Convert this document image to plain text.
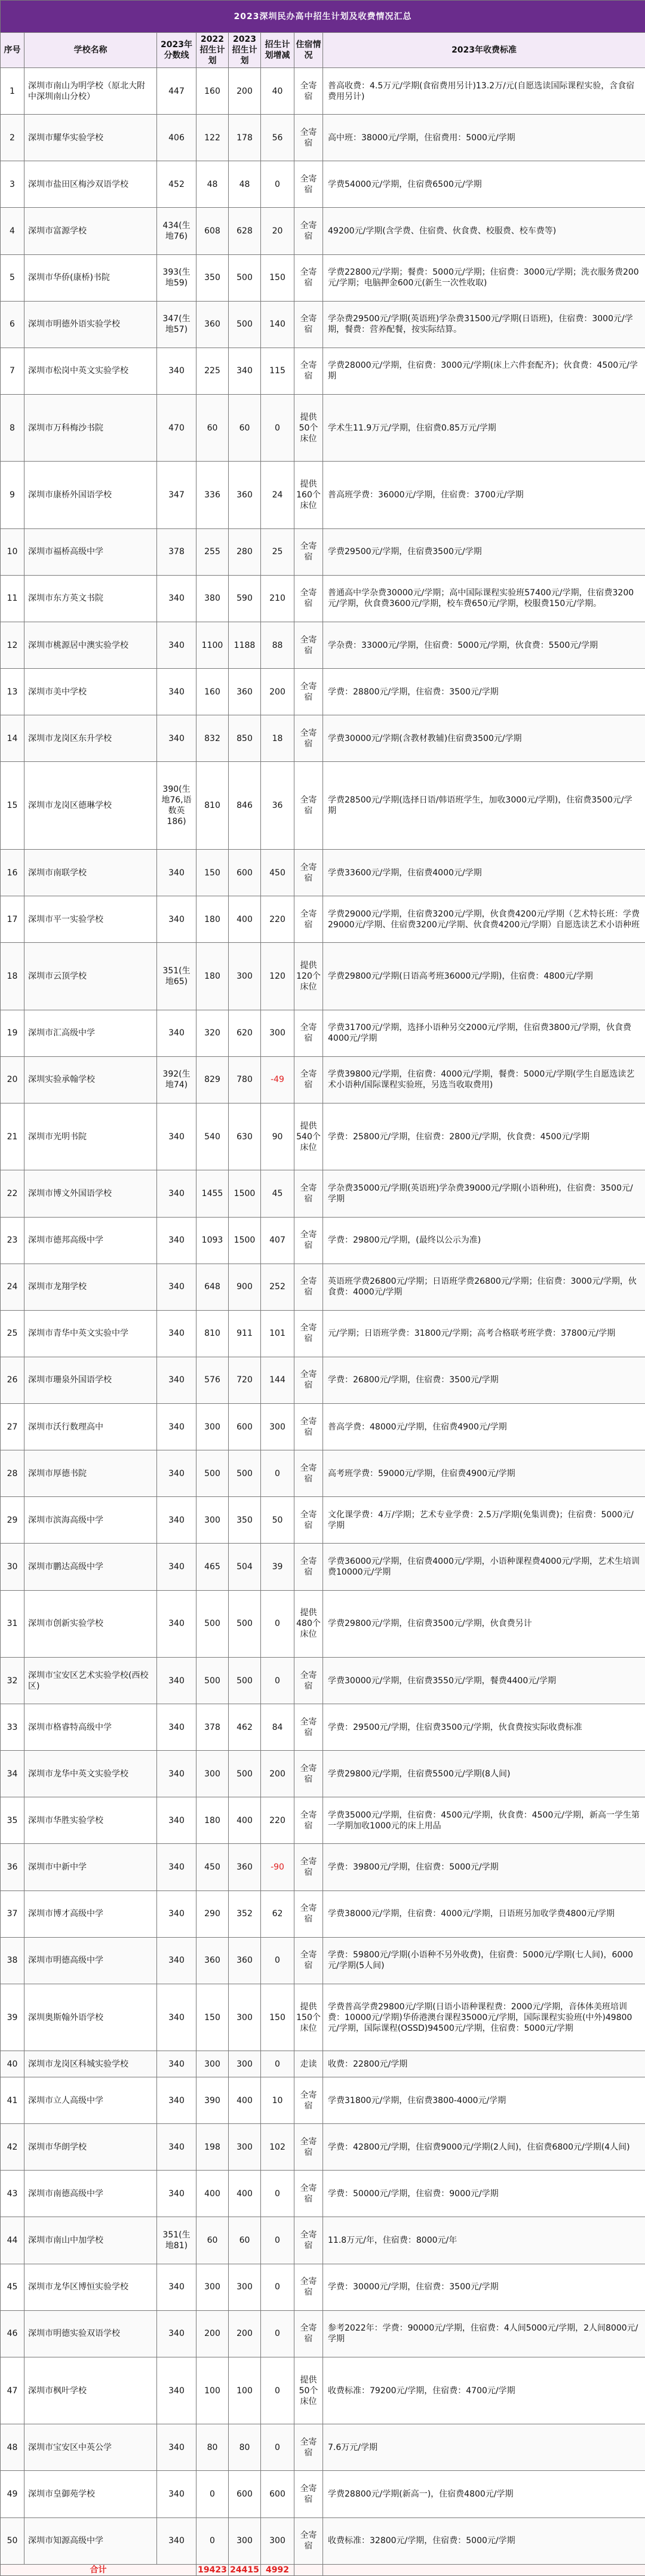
2023深圳民办高中招生计划及收费情况汇总							
序号	学校名称	2023年分数线	2022招生计划	2023招生计划	招生计划增减	住宿情况	2023年收费标准
1	深圳市南山为明学校（原北大附中深圳南山分校）	447	160	200	40	全寄宿	普高收费：4.5万元/学期(食宿费用另计)13.2万/元(自愿选读国际课程实验，含食宿费用另计)
2	深圳市耀华实验学校	406	122	178	56	全寄宿	高中班：38000元/学期，住宿费用：5000元/学期
3	深圳市盐田区梅沙双语学校	452	48	48	0	全寄宿	学费54000元/学期，住宿费6500元/学期
4	深圳市富源学校	434(生地76)	608	628	20	全寄宿	49200元/学期(含学费、住宿费、伙食费、校服费、校车费等)
5	深圳市华侨(康桥)书院	393(生地59)	350	500	150	全寄宿	学费22800元/学期；餐费：5000元/学期；住宿费：3000元/学期；洗衣服务费200元/学期；电脑押金600元(新生一次性收取)
6	深圳市明德外语实验学校	347(生地57)	360	500	140	全寄宿	学杂费29500元/学期(英语班)学杂费31500元/学期(日语班)，住宿费：3000元/学期，餐费：营养配餐，按实际结算。
7	深圳市松岗中英文实验学校	340	225	340	115	全寄宿	学费28000元/学期，住宿费：3000元/学期(床上六件套配齐)；伙食费：4500元/学期
8	深圳市万科梅沙书院	470	60	60	0	提供50个床位	学术生11.9万元/学期，住宿费0.85万元/学期
9	深圳市康桥外国语学校	347	336	360	24	提供160个床位	普高班学费：36000元/学期，住宿费：3700元/学期
10	深圳市福桥高级中学	378	255	280	25	全寄宿	学费29500元/学期，住宿费3500元/学期
11	深圳市东方英文书院	340	380	590	210	全寄宿	普通高中学杂费30000元/学期；高中国际课程实验班57400元/学期，住宿费3200元/学期，伙食费3600元/学期，校车费650元/学期，校服费150元/学期。
12	深圳市桃源居中澳实验学校	340	1100	1188	88	全寄宿	学杂费：33000元/学期，住宿费：5000元/学期，伙食费：5500元/学期
13	深圳市美中学校	340	160	360	200	全寄宿	学费：28800元/学期，住宿费：3500元/学期
14	深圳市龙岗区东升学校	340	832	850	18	全寄宿	学费30000元/学期(含教材教辅)住宿费3500元/学期
15	深圳市龙岗区德琳学校	390(生地76,语数英186)	810	846	36	全寄宿	学费28500元/学期(选择日语/韩语班学生，加收3000元/学期)，住宿费3500元/学期
16	深圳市南联学校	340	150	600	450	全寄宿	学费33600元/学期，住宿费4000元/学期
17	深圳市平一实验学校	340	180	400	220	全寄宿	学费29000元/学期，住宿费3200元/学期，伙食费4200元/学期（艺术特长班：学费29000元/学期、住宿费3200元/学期、伙食费4200元/学期）自愿选读艺术小语种班
18	深圳市云顶学校	351(生地65)	180	300	120	提供120个床位	学费29800元/学期(日语高考班36000元/学期)，住宿费：4800元/学期
19	深圳市汇高级中学	340	320	620	300	全寄宿	学费31700元/学期，选择小语种另交2000元/学期，住宿费3800元/学期，伙食费4000元/学期
20	深圳实验承翰学校	392(生地74)	829	780	-49	全寄宿	学费39800元/学期，住宿费：4000元/学期，餐费：5000元/学期(学生自愿选读艺术小语种/国际课程实验班，另选当收取费用)
21	深圳市光明书院	340	540	630	90	提供540个床位	学费：25800元/学期，住宿费：2800元/学期，伙食费：4500元/学期
22	深圳市博文外国语学校	340	1455	1500	45	全寄宿	学杂费35000元/学期(英语班)学杂费39000元/学期(小语种班)，住宿费：3500元/学期
23	深圳市德邦高级中学	340	1093	1500	407	全寄宿	学费：29800元/学期，(最终以公示为准)
24	深圳市龙翔学校	340	648	900	252	全寄宿	英语班学费26800元/学期；日语班学费26800元/学期；住宿费：3000元/学期，伙食费：4000元/学期
25	深圳市青华中英文实验中学	340	810	911	101	全寄宿	元/学期；日语班学费：31800元/学期；高考合格联考班学费：37800元/学期
26	深圳市珊泉外国语学校	340	576	720	144	全寄宿	学费：26800元/学期，住宿费：3500元/学期
27	深圳市沃行数理高中	340	300	600	300	全寄宿	普高学费：48000元/学期，住宿费4900元/学期
28	深圳市厚德书院	340	500	500	0	全寄宿	高考班学费：59000元/学期，住宿费4900元/学期
29	深圳市滨海高级中学	340	300	350	50	全寄宿	文化课学费：4万/学期；艺术专业学费：2.5万/学期(免集训费)；住宿费：5000元/学期
30	深圳市鹏达高级中学	340	465	504	39	全寄宿	学费36000元/学期，住宿费4000元/学期，小语种课程费4000元/学期，艺术生培训费10000元/学期
31	深圳市创新实验学校	340	500	500	0	提供480个床位	学费29800元/学期，住宿费3500元/学期，伙食费另计
32	深圳市宝安区艺术实验学校(西校区)	340	500	500	0	全寄宿	学费30000元/学期，住宿费3550元/学期，餐费4400元/学期
33	深圳市格睿特高级中学	340	378	462	84	全寄宿	学费：29500元/学期，住宿费3500元/学期，伙食费按实际收费标准
34	深圳市龙华中英文实验学校	340	300	500	200	全寄宿	学费29800元/学期，住宿费5500元/学期(8人间)
35	深圳市华胜实验学校	340	180	400	220	全寄宿	学费35000元/学期，住宿费：4500元/学期，伙食费：4500元/学期，新高一学生第一学期加收1000元的床上用品
36	深圳市中新中学	340	450	360	-90	全寄宿	学费：39800元/学期，住宿费：5000元/学期
37	深圳市博才高级中学	340	290	352	62	全寄宿	学费38000元/学期，住宿费：4000元/学期，日语班另加收学费4800元/学期
38	深圳市明德高级中学	340	360	360	0	全寄宿	学费：59800元/学期(小语种不另外收费)，住宿费：5000元/学期(七人间)，6000元/学期(5人间)
39	深圳奥斯翰外语学校	340	150	300	150	提供150个床位	学费普高学费29800元/学期(日语小语种课程费：2000元/学期，音体体美班培训费：10000元/学期)华侨港澳台课程35000元/学期，国际课程实验班(中外)49800元/学期，国际课程(OSSD)94500元/学期，住宿费：5000元/学期
40	深圳市龙岗区科城实验学校	340	300	300	0	走读	收费：22800元/学期
41	深圳市立人高级中学	340	390	400	10	全寄宿	学费31800元/学期，住宿费3800-4000元/学期
42	深圳市华朗学校	340	198	300	102	全寄宿	学费：42800元/学期，住宿费9000元/学期(2人间)，住宿费6800元/学期(4人间)
43	深圳市南德高级中学	340	400	400	0	全寄宿	学费：50000元/学期，住宿费：9000元/学期
44	深圳市南山中加学校	351(生地81)	60	60	0	全寄宿	11.8万元/年，住宿费：8000元/年
45	深圳市龙华区博恒实验学校	340	300	300	0	全寄宿	学费：30000元/学期，住宿费：3500元/学期
46	深圳市明德实验双语学校	340	200	200	0	全寄宿	参考2022年：学费：90000元/学期，住宿费：4人间5000元/学期，2人间8000元/学期
47	深圳市枫叶学校	340	100	100	0	提供50个床位	收费标准：79200元/学期，住宿费：4700元/学期
48	深圳市宝安区中英公学	340	80	80	0	全寄宿	7.6万元/学期
49	深圳市皇御苑学校	340	0	600	600	全寄宿	学费28800元/学期(新高一)，住宿费4800元/学期
50	深圳市知源高级中学	340	0	300	300	全寄宿	收费标准：32800元/学期，住宿费：5000元/学期
合计			19423	24415	4992		
